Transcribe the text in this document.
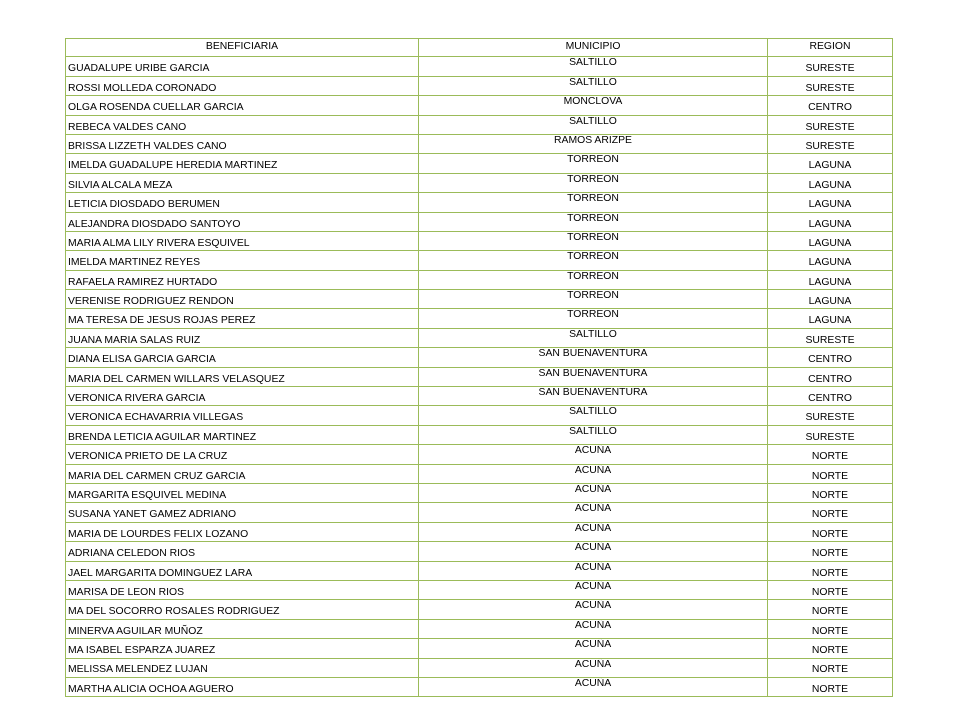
BENEFICIARIA	MUNICIPIO	REGION
GUADALUPE URIBE GARCIA	SALTILLO	SURESTE
ROSSI MOLLEDA CORONADO	SALTILLO	SURESTE
OLGA ROSENDA CUELLAR GARCIA	MONCLOVA	CENTRO
REBECA VALDES CANO	SALTILLO	SURESTE
BRISSA LIZZETH VALDES CANO	RAMOS ARIZPE	SURESTE
IMELDA GUADALUPE HEREDIA MARTINEZ	TORREON	LAGUNA
SILVIA ALCALA MEZA	TORREON	LAGUNA
LETICIA DIOSDADO BERUMEN	TORREON	LAGUNA
ALEJANDRA DIOSDADO SANTOYO	TORREON	LAGUNA
MARIA ALMA LILY RIVERA ESQUIVEL	TORREON	LAGUNA
IMELDA MARTINEZ REYES	TORREON	LAGUNA
RAFAELA RAMIREZ HURTADO	TORREON	LAGUNA
VERENISE RODRIGUEZ RENDON	TORREON	LAGUNA
MA TERESA DE JESUS ROJAS PEREZ	TORREON	LAGUNA
JUANA MARIA SALAS RUIZ	SALTILLO	SURESTE
DIANA ELISA GARCIA GARCIA	SAN BUENAVENTURA	CENTRO
MARIA DEL CARMEN WILLARS VELASQUEZ	SAN BUENAVENTURA	CENTRO
VERONICA RIVERA GARCIA	SAN BUENAVENTURA	CENTRO
VERONICA ECHAVARRIA VILLEGAS	SALTILLO	SURESTE
BRENDA LETICIA AGUILAR MARTINEZ	SALTILLO	SURESTE
VERONICA PRIETO DE LA CRUZ	ACUÑA	NORTE
MARIA DEL CARMEN CRUZ GARCIA	ACUÑA	NORTE
MARGARITA ESQUIVEL MEDINA	ACUÑA	NORTE
SUSANA YANET GAMEZ ADRIANO	ACUÑA	NORTE
MARIA DE LOURDES FELIX LOZANO	ACUÑA	NORTE
ADRIANA CELEDON RIOS	ACUÑA	NORTE
JAEL MARGARITA DOMINGUEZ LARA	ACUÑA	NORTE
MARISA DE LEON RIOS	ACUÑA	NORTE
MA DEL SOCORRO ROSALES RODRIGUEZ	ACUÑA	NORTE
MINERVA AGUILAR MUÑOZ	ACUÑA	NORTE
MA ISABEL ESPARZA JUAREZ	ACUÑA	NORTE
MELISSA MELENDEZ LUJAN	ACUÑA	NORTE
MARTHA ALICIA OCHOA AGUERO	ACUÑA	NORTE
